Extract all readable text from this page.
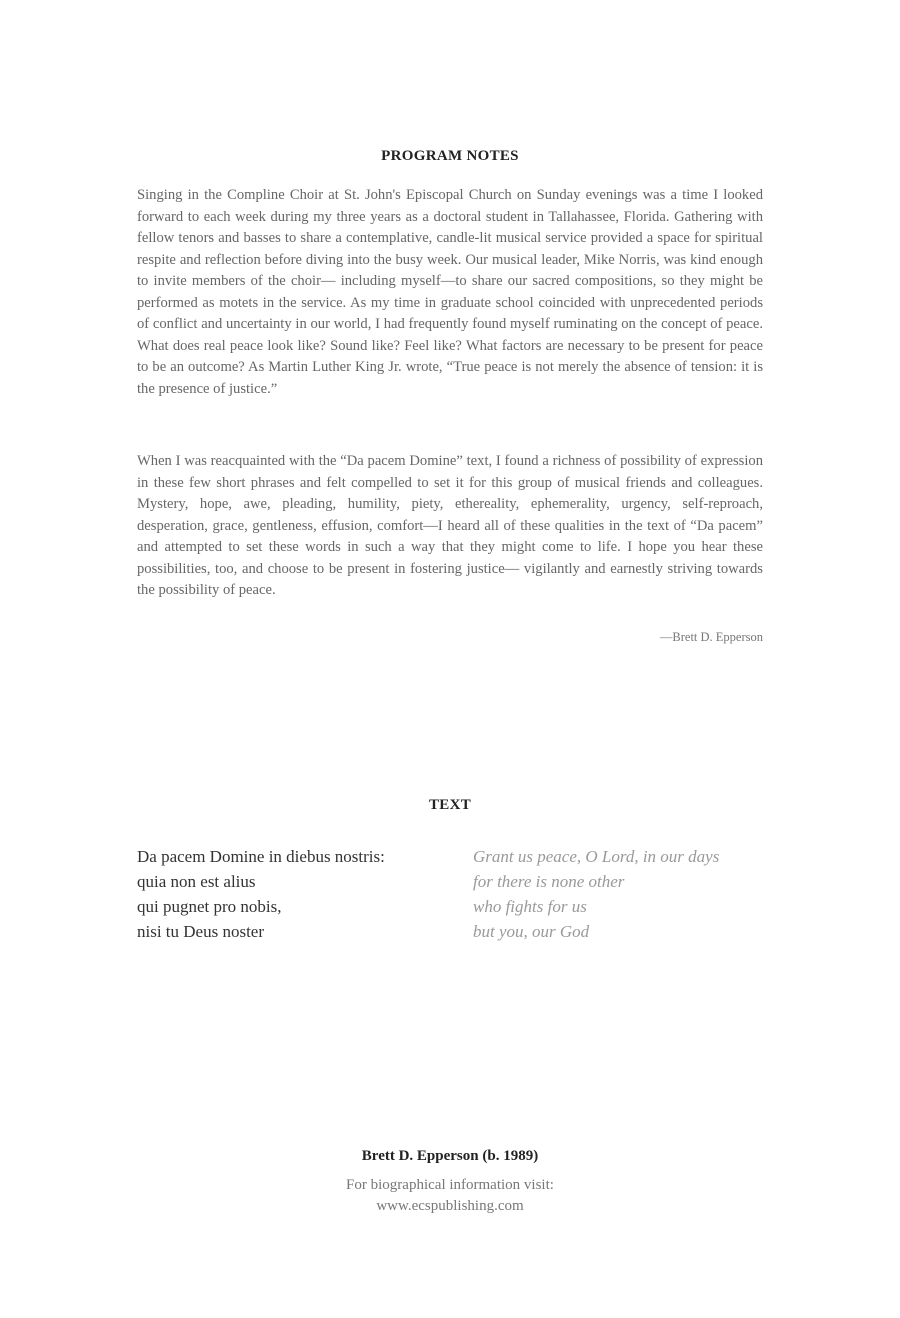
PROGRAM NOTES

Singing in the Compline Choir at St. John's Episcopal Church on Sunday evenings was a time I looked forward to each week during my three years as a doctoral student in Tallahassee, Florida. Gathering with fellow tenors and basses to share a contemplative, candle-lit musical service provided a space for spiritual respite and reflection before diving into the busy week. Our musical leader, Mike Norris, was kind enough to invite members of the choir— including myself—to share our sacred compositions, so they might be performed as motets in the service. As my time in graduate school coincided with unprecedented periods of conflict and uncertainty in our world, I had frequently found myself ruminating on the concept of peace. What does real peace look like? Sound like? Feel like? What factors are necessary to be present for peace to be an outcome? As Martin Luther King Jr. wrote, “True peace is not merely the absence of tension: it is the presence of justice.”

When I was reacquainted with the “Da pacem Domine” text, I found a richness of possibility of expression in these few short phrases and felt compelled to set it for this group of musical friends and colleagues. Mystery, hope, awe, pleading, humility, piety, ethereality, ephemerality, urgency, self-reproach, desperation, grace, gentleness, effusion, comfort—I heard all of these qualities in the text of “Da pacem” and attempted to set these words in such a way that they might come to life. I hope you hear these possibilities, too, and choose to be present in fostering justice— vigilantly and earnestly striving towards the possibility of peace.

—Brett D. Epperson
TEXT
Da pacem Domine in diebus nostris:
quia non est alius
qui pugnet pro nobis,
nisi tu Deus noster
Grant us peace, O Lord, in our days
for there is none other
who fights for us
but you, our God
Brett D. Epperson (b. 1989)
For biographical information visit:
www.ecspublishing.com
